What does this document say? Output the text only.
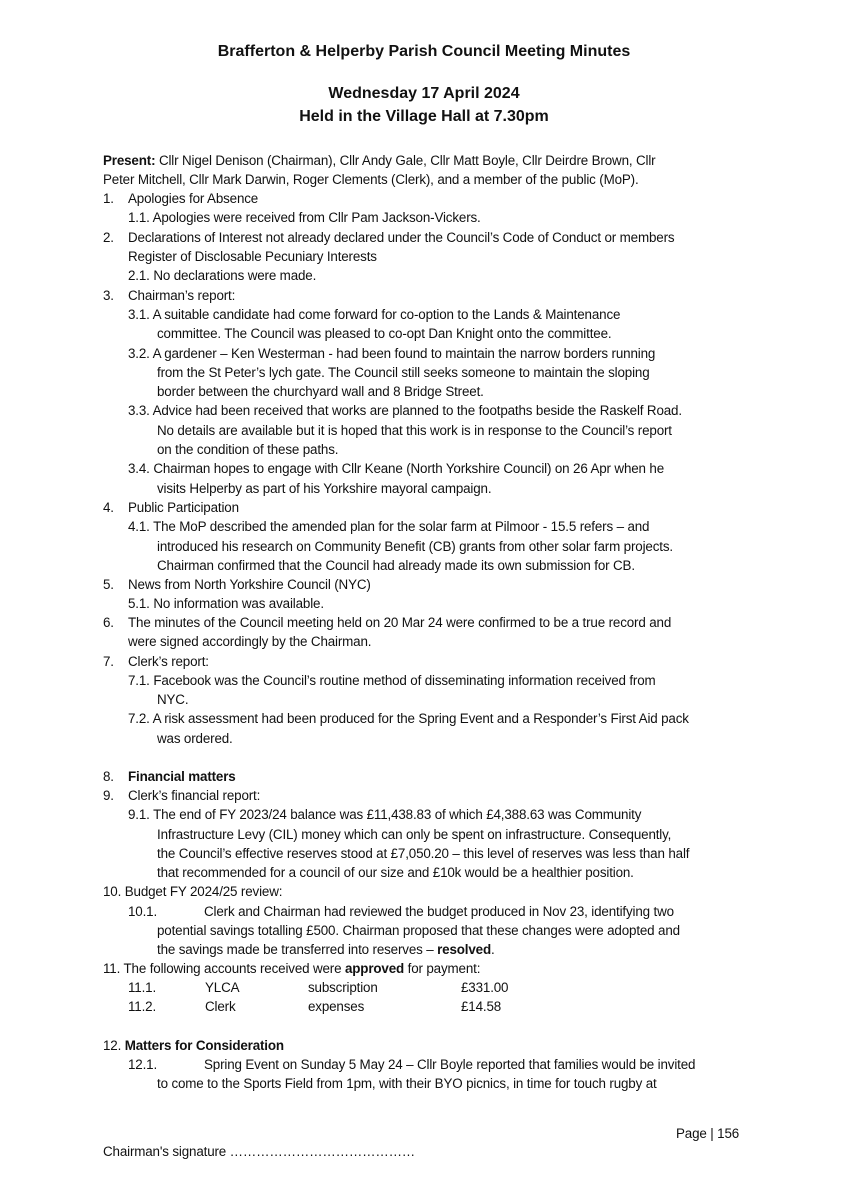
Brafferton & Helperby Parish Council Meeting Minutes
Wednesday 17 April 2024
Held in the Village Hall at 7.30pm
Present: Cllr Nigel Denison (Chairman), Cllr Andy Gale, Cllr Matt Boyle, Cllr Deirdre Brown, Cllr
Peter Mitchell, Cllr Mark Darwin, Roger Clements (Clerk), and a member of the public (MoP).
1. Apologies for Absence
1.1. Apologies were received from Cllr Pam Jackson-Vickers.
2. Declarations of Interest not already declared under the Council’s Code of Conduct or members
Register of Disclosable Pecuniary Interests
2.1. No declarations were made.
3. Chairman’s report:
3.1. A suitable candidate had come forward for co-option to the Lands & Maintenance
committee. The Council was pleased to co-opt Dan Knight onto the committee.
3.2. A gardener – Ken Westerman - had been found to maintain the narrow borders running
from the St Peter’s lych gate. The Council still seeks someone to maintain the sloping
border between the churchyard wall and 8 Bridge Street.
3.3. Advice had been received that works are planned to the footpaths beside the Raskelf Road.
No details are available but it is hoped that this work is in response to the Council’s report
on the condition of these paths.
3.4. Chairman hopes to engage with Cllr Keane (North Yorkshire Council) on 26 Apr when he
visits Helperby as part of his Yorkshire mayoral campaign.
4. Public Participation
4.1. The MoP described the amended plan for the solar farm at Pilmoor - 15.5 refers – and
introduced his research on Community Benefit (CB) grants from other solar farm projects.
Chairman confirmed that the Council had already made its own submission for CB.
5. News from North Yorkshire Council (NYC)
5.1. No information was available.
6. The minutes of the Council meeting held on 20 Mar 24 were confirmed to be a true record and
were signed accordingly by the Chairman.
7. Clerk’s report:
7.1. Facebook was the Council’s routine method of disseminating information received from
NYC.
7.2. A risk assessment had been produced for the Spring Event and a Responder’s First Aid pack
was ordered.
8. Financial matters
9. Clerk’s financial report:
9.1. The end of FY 2023/24 balance was £11,438.83 of which £4,388.63 was Community
Infrastructure Levy (CIL) money which can only be spent on infrastructure. Consequently,
the Council’s effective reserves stood at £7,050.20 – this level of reserves was less than half
that recommended for a council of our size and £10k would be a healthier position.
10. Budget FY 2024/25 review:
10.1.	Clerk and Chairman had reviewed the budget produced in Nov 23, identifying two
potential savings totalling £500. Chairman proposed that these changes were adopted and
the savings made be transferred into reserves – resolved.
11. The following accounts received were approved for payment:
11.1.	YLCA	subscription	£331.00
11.2.	Clerk	expenses	£14.58
12. Matters for Consideration
12.1.	Spring Event on Sunday 5 May 24 – Cllr Boyle reported that families would be invited
to come to the Sports Field from 1pm, with their BYO picnics, in time for touch rugby at
Page | 156
Chairman's signature ……………………………………
